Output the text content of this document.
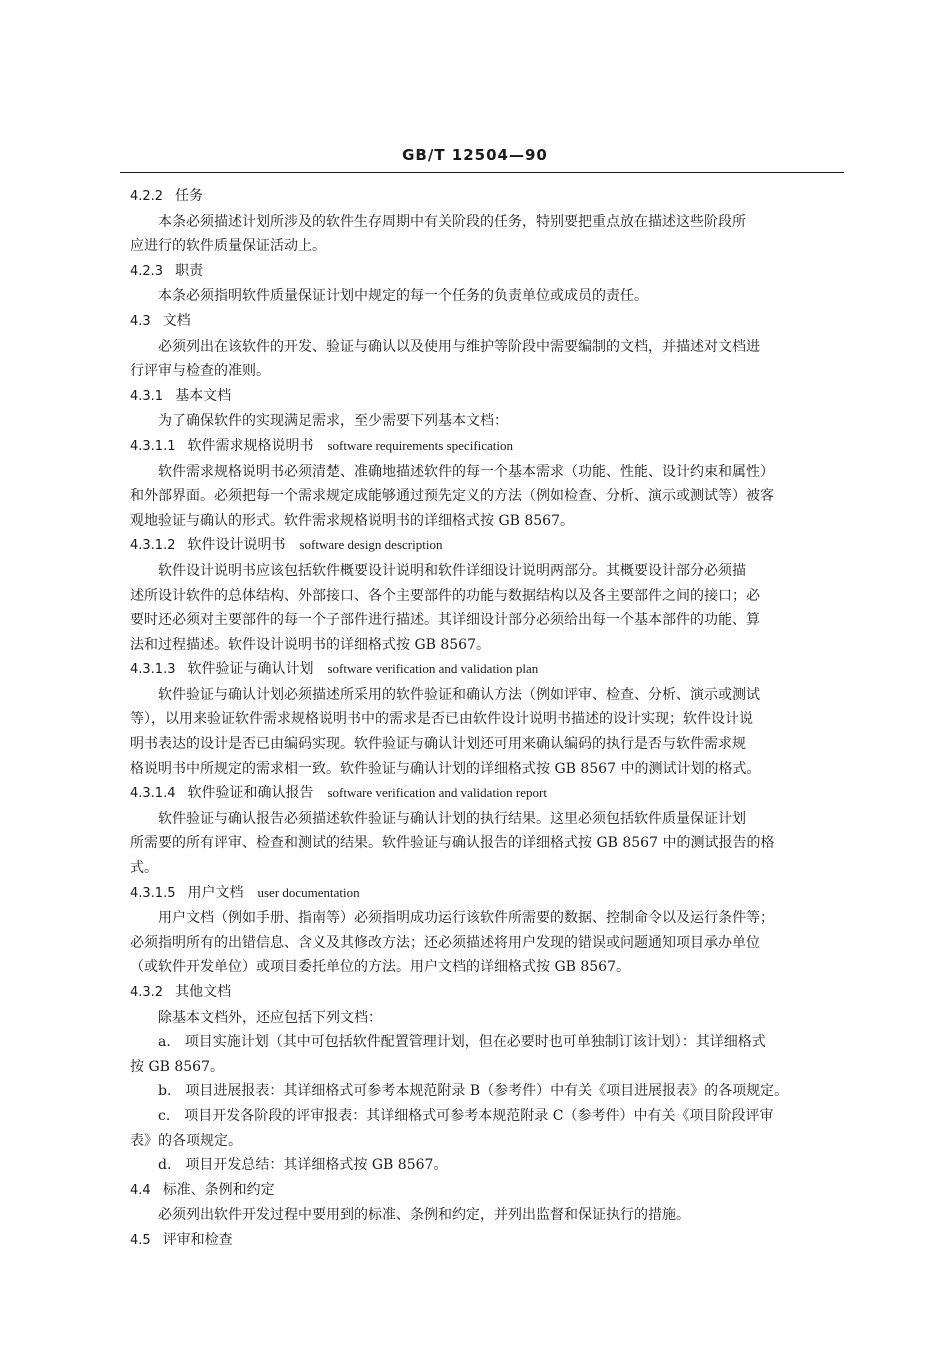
GB/T 12504—90
4.2.2 任务
本条必须描述计划所涉及的软件生存周期中有关阶段的任务，特别要把重点放在描述这些阶段所
应进行的软件质量保证活动上。
4.2.3 职责
本条必须指明软件质量保证计划中规定的每一个任务的负责单位或成员的责任。
4.3 文档
必须列出在该软件的开发、验证与确认以及使用与维护等阶段中需要编制的文档，并描述对文档进
行评审与检查的准则。
4.3.1 基本文档
为了确保软件的实现满足需求，至少需要下列基本文档：
4.3.1.1 软件需求规格说明书 software requirements specification
软件需求规格说明书必须清楚、准确地描述软件的每一个基本需求（功能、性能、设计约束和属性）
和外部界面。必须把每一个需求规定成能够通过预先定义的方法（例如检查、分析、演示或测试等）被客
观地验证与确认的形式。软件需求规格说明书的详细格式按 GB 8567。
4.3.1.2 软件设计说明书 software design description
软件设计说明书应该包括软件概要设计说明和软件详细设计说明两部分。其概要设计部分必须描
述所设计软件的总体结构、外部接口、各个主要部件的功能与数据结构以及各主要部件之间的接口；必
要时还必须对主要部件的每一个子部件进行描述。其详细设计部分必须给出每一个基本部件的功能、算
法和过程描述。软件设计说明书的详细格式按 GB 8567。
4.3.1.3 软件验证与确认计划 software verification and validation plan
软件验证与确认计划必须描述所采用的软件验证和确认方法（例如评审、检查、分析、演示或测试
等），以用来验证软件需求规格说明书中的需求是否已由软件设计说明书描述的设计实现；软件设计说
明书表达的设计是否已由编码实现。软件验证与确认计划还可用来确认编码的执行是否与软件需求规
格说明书中所规定的需求相一致。软件验证与确认计划的详细格式按 GB 8567 中的测试计划的格式。
4.3.1.4 软件验证和确认报告 software verification and validation report
软件验证与确认报告必须描述软件验证与确认计划的执行结果。这里必须包括软件质量保证计划
所需要的所有评审、检查和测试的结果。软件验证与确认报告的详细格式按 GB 8567 中的测试报告的格
式。
4.3.1.5 用户文档 user documentation
用户文档（例如手册、指南等）必须指明成功运行该软件所需要的数据、控制命令以及运行条件等；
必须指明所有的出错信息、含义及其修改方法；还必须描述将用户发现的错误或问题通知项目承办单位
（或软件开发单位）或项目委托单位的方法。用户文档的详细格式按 GB 8567。
4.3.2 其他文档
除基本文档外，还应包括下列文档：
a.　项目实施计划（其中可包括软件配置管理计划，但在必要时也可单独制订该计划）：其详细格式
按 GB 8567。
b.　项目进展报表：其详细格式可参考本规范附录 B（参考件）中有关《项目进展报表》的各项规定。
c.　项目开发各阶段的评审报表：其详细格式可参考本规范附录 C（参考件）中有关《项目阶段评审
表》的各项规定。
d.　项目开发总结：其详细格式按 GB 8567。
4.4 标准、条例和约定
必须列出软件开发过程中要用到的标准、条例和约定，并列出监督和保证执行的措施。
4.5 评审和检查
